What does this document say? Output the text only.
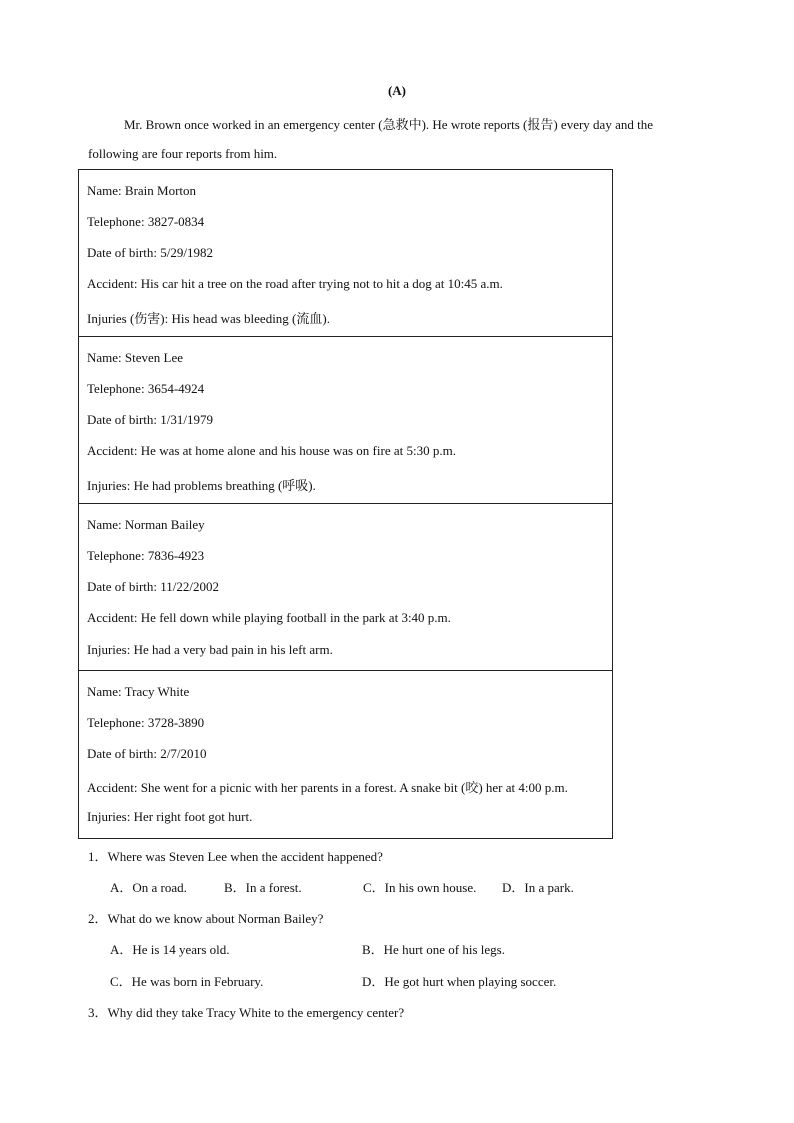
(A)
Mr. Brown once worked in an emergency center (急救中). He wrote reports (报告) every day and the
following are four reports from him.
Name: Brain Morton
Telephone: 3827-0834
Date of birth: 5/29/1982
Accident: His car hit a tree on the road after trying not to hit a dog at 10:45 a.m.
Injuries (伤害): His head was bleeding (流血).
Name: Steven Lee
Telephone: 3654-4924
Date of birth: 1/31/1979
Accident: He was at home alone and his house was on fire at 5:30 p.m.
Injuries: He had problems breathing (呼吸).
Name: Norman Bailey
Telephone: 7836-4923
Date of birth: 11/22/2002
Accident: He fell down while playing football in the park at 3:40 p.m.
Injuries: He had a very bad pain in his left arm.
Name: Tracy White
Telephone: 3728-3890
Date of birth: 2/7/2010
Accident: She went for a picnic with her parents in a forest. A snake bit (咬) her at 4:00 p.m.
Injuries: Her right foot got hurt.
1．Where was Steven Lee when the accident happened?
A．On a road.	B．In a forest.	C．In his own house. D．In a park.
2．What do we know about Norman Bailey?
A．He is 14 years old.	B．He hurt one of his legs.
C．He was born in February.	D．He got hurt when playing soccer.
3．Why did they take Tracy White to the emergency center?
